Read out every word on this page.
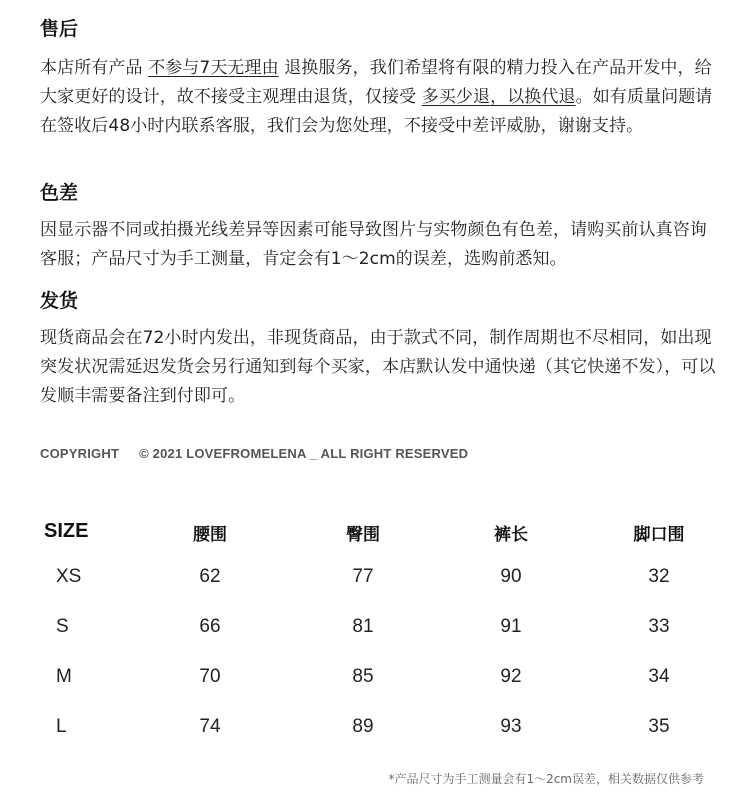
售后

本店所有产品 不参与7天无理由 退换服务，我们希望将有限的精力投入在产品开发中，给大家更好的设计，故不接受主观理由退货，仅接受 多买少退，以换代退。如有质量问题请在签收后48小时内联系客服，我们会为您处理，不接受中差评威胁，谢谢支持。

色差

因显示器不同或拍摄光线差异等因素可能导致图片与实物颜色有色差，请购买前认真咨询客服；产品尺寸为手工测量，肯定会有1～2cm的误差，选购前悉知。

发货

现货商品会在72小时内发出，非现货商品，由于款式不同，制作周期也不尽相同，如出现突发状况需延迟发货会另行通知到每个买家，本店默认发中通快递（其它快递不发），可以发顺丰需要备注到付即可。

COPYRIGHT © 2021 LOVEFROMELENA _ ALL RIGHT RESERVED
SIZE	腰围	臀围	裤长	脚口围
XS	62	77	90	32
S	66	81	91	33
M	70	85	92	34
L	74	89	93	35
*产品尺寸为手工测量会有1～2cm误差，相关数据仅供参考
